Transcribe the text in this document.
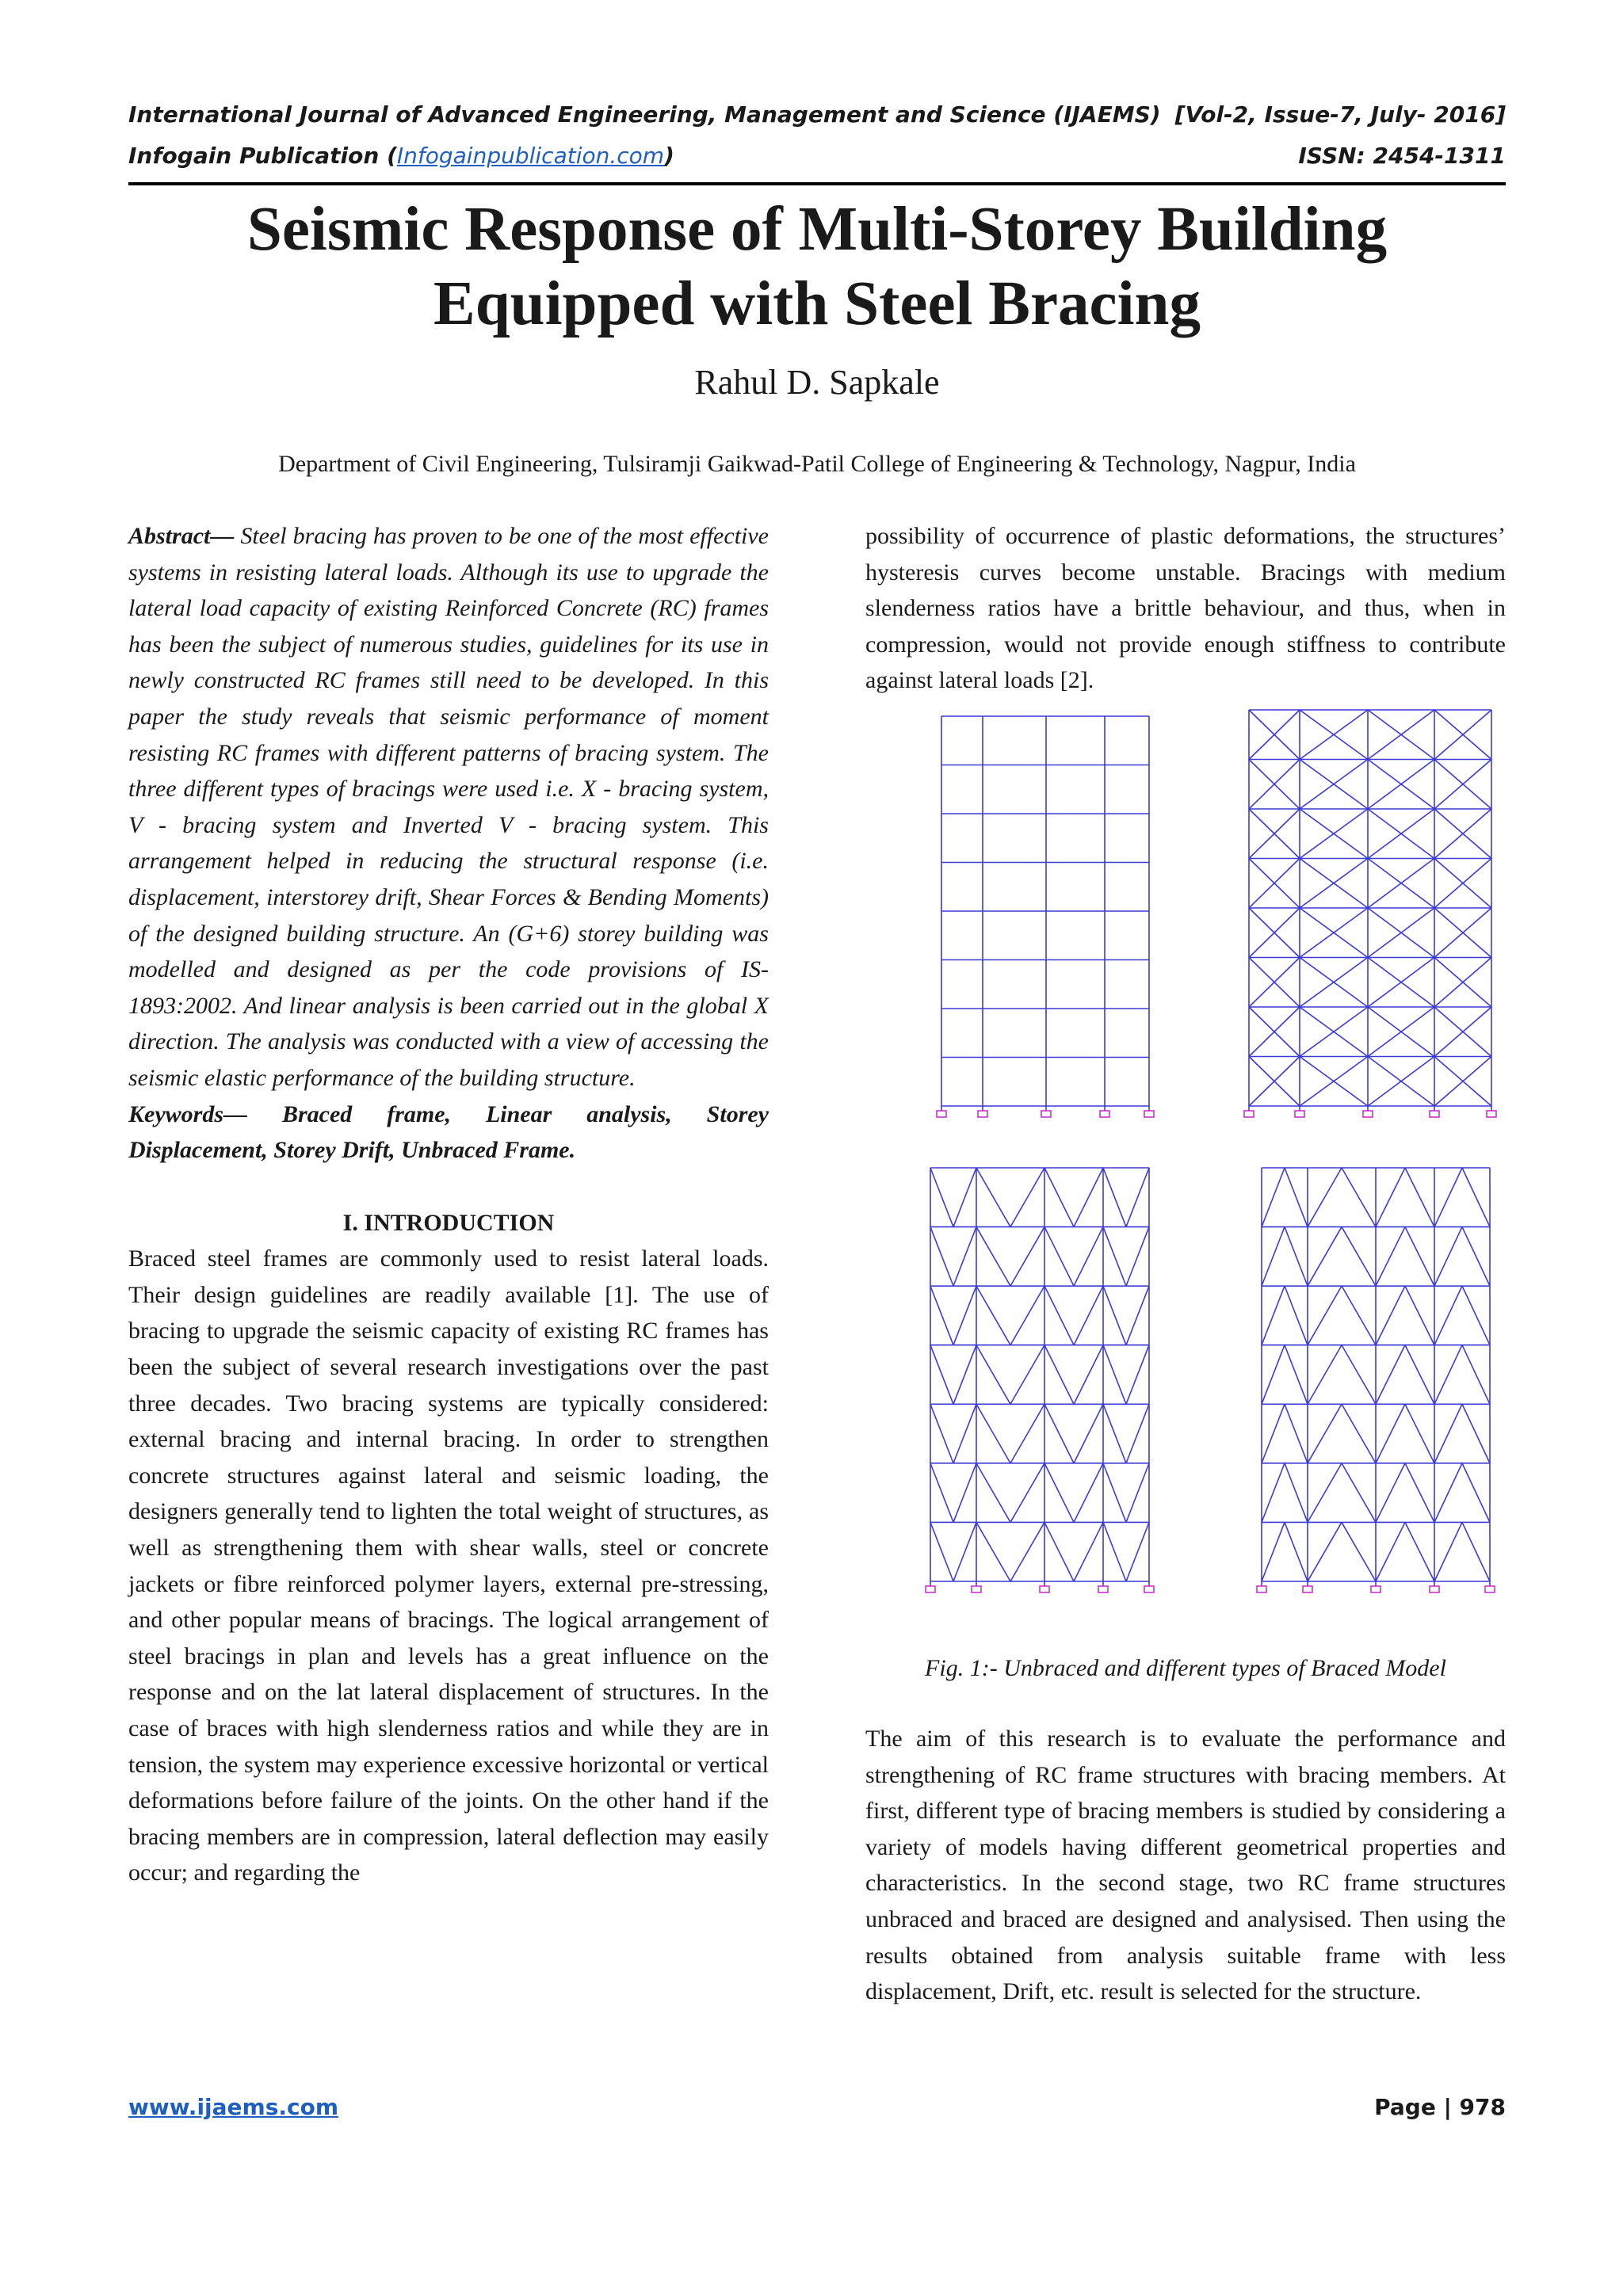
International Journal of Advanced Engineering, Management and Science (IJAEMS) [Vol-2, Issue-7, July- 2016]
Infogain Publication (Infogainpublication.com)	ISSN: 2454-1311
Seismic Response of Multi-Storey Building
Equipped with Steel Bracing
Rahul D. Sapkale
Department of Civil Engineering, Tulsiramji Gaikwad-Patil College of Engineering & Technology, Nagpur, India

Abstract— Steel bracing has proven to be one of the most effective systems in resisting lateral loads. Although its use to upgrade the lateral load capacity of existing Reinforced Concrete (RC) frames has been the subject of numerous studies, guidelines for its use in newly constructed RC frames still need to be developed. In this paper the study reveals that seismic performance of moment resisting RC frames with different patterns of bracing system. The three different types of bracings were used i.e. X - bracing system, V - bracing system and Inverted V - bracing system. This arrangement helped in reducing the structural response (i.e. displacement, interstorey drift, Shear Forces & Bending Moments) of the designed building structure. An (G+6) storey building was modelled and designed as per the code provisions of IS-1893:2002. And linear analysis is been carried out in the global X direction. The analysis was conducted with a view of accessing the seismic elastic performance of the building structure.

Keywords— Braced frame, Linear analysis, Storey Displacement, Storey Drift, Unbraced Frame.

I. INTRODUCTION

Braced steel frames are commonly used to resist lateral loads. Their design guidelines are readily available [1]. The use of bracing to upgrade the seismic capacity of existing RC frames has been the subject of several research investigations over the past three decades. Two bracing systems are typically considered: external bracing and internal bracing. In order to strengthen concrete structures against lateral and seismic loading, the designers generally tend to lighten the total weight of structures, as well as strengthening them with shear walls, steel or concrete jackets or fibre reinforced polymer layers, external pre-stressing, and other popular means of bracings. The logical arrangement of steel bracings in plan and levels has a great influence on the response and on the lat lateral displacement of structures. In the case of braces with high slenderness ratios and while they are in tension, the system may experience excessive horizontal or vertical deformations before failure of the joints. On the other hand if the bracing members are in compression, lateral deflection may easily occur; and regarding the

possibility of occurrence of plastic deformations, the structures’ hysteresis curves become unstable. Bracings with medium slenderness ratios have a brittle behaviour, and thus, when in compression, would not provide enough stiffness to contribute against lateral loads [2].

Fig. 1:- Unbraced and different types of Braced Model

The aim of this research is to evaluate the performance and strengthening of RC frame structures with bracing members. At first, different type of bracing members is studied by considering a variety of models having different geometrical properties and characteristics. In the second stage, two RC frame structures unbraced and braced are designed and analysised. Then using the results obtained from analysis suitable frame with less displacement, Drift, etc. result is selected for the structure.

www.ijaems.com	Page | 978
